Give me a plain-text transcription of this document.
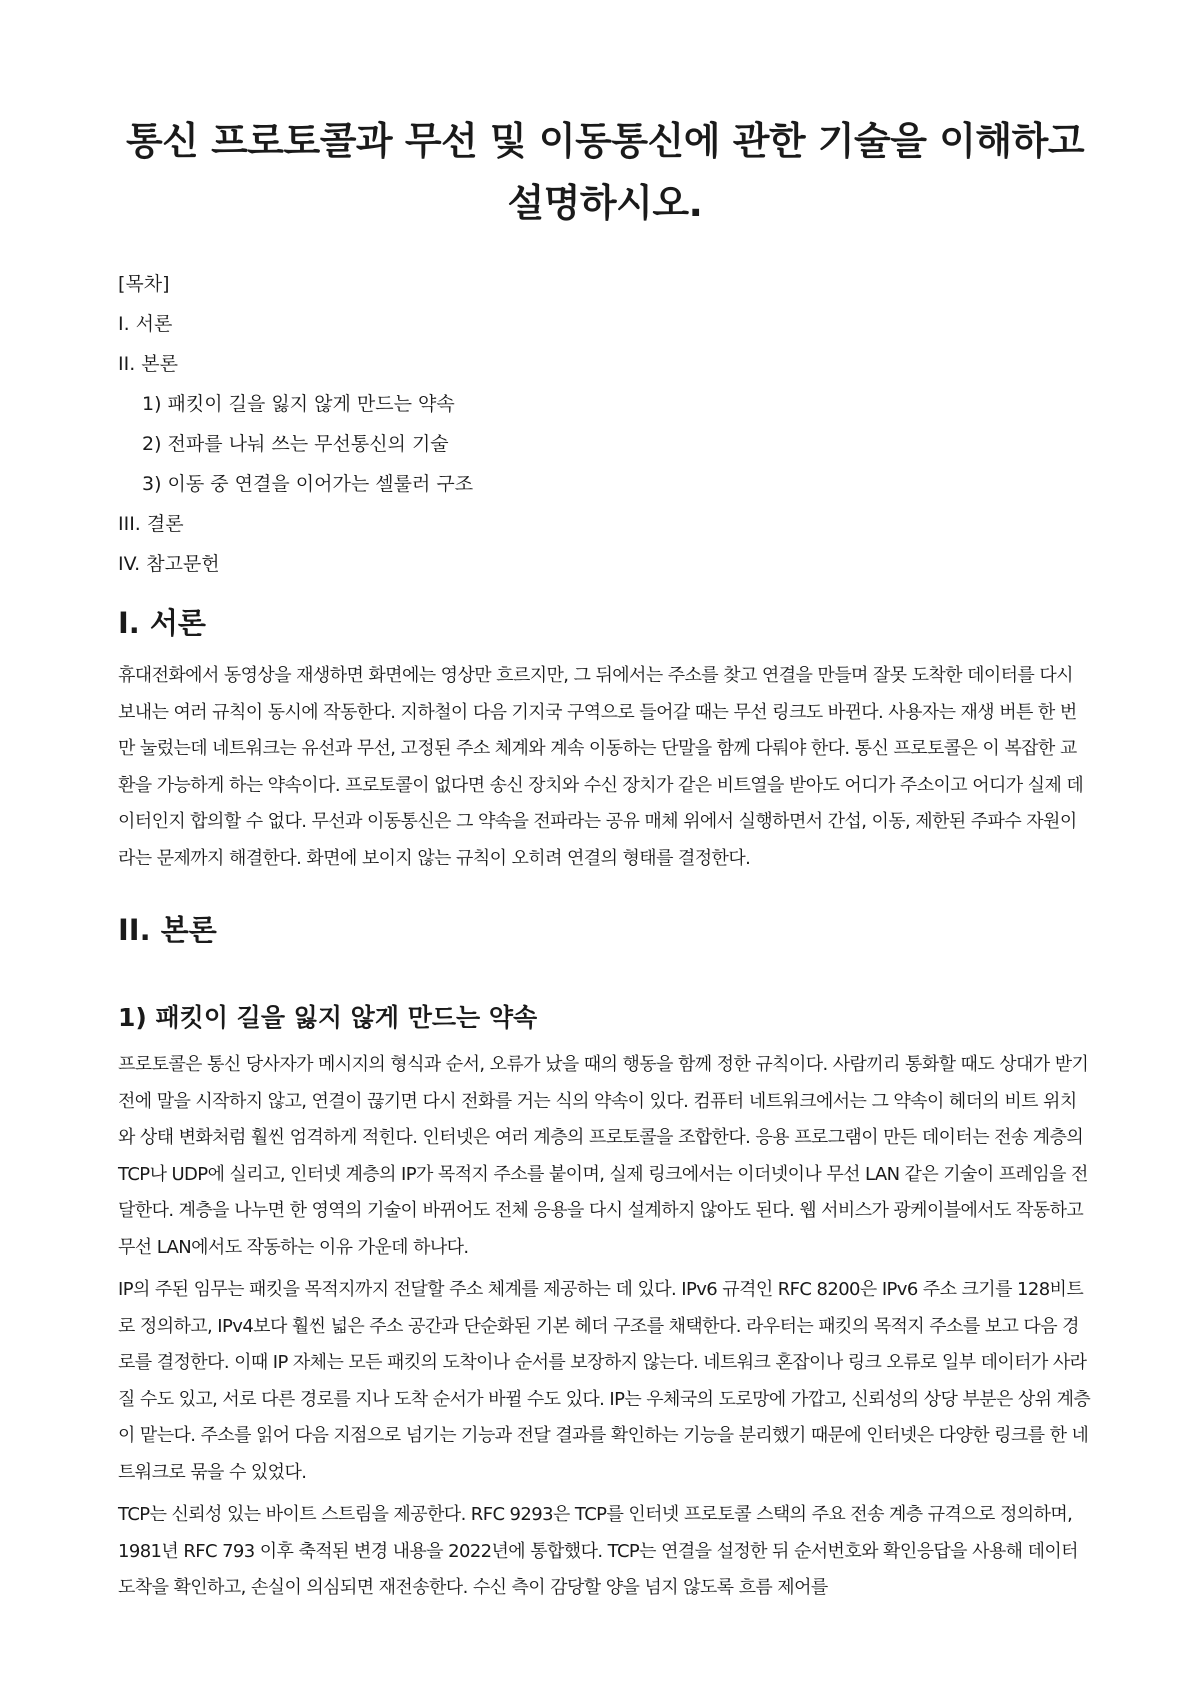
통신 프로토콜과 무선 및 이동통신에 관한 기술을 이해하고 설명하시오.
[목차]
I. 서론
II. 본론
1) 패킷이 길을 잃지 않게 만드는 약속
2) 전파를 나눠 쓰는 무선통신의 기술
3) 이동 중 연결을 이어가는 셀룰러 구조
III. 결론
IV. 참고문헌
I. 서론

휴대전화에서 동영상을 재생하면 화면에는 영상만 흐르지만, 그 뒤에서는 주소를 찾고 연결을 만들며 잘못 도착한 데이터를 다시 보내는 여러 규칙이 동시에 작동한다. 지하철이 다음 기지국 구역으로 들어갈 때는 무선 링크도 바뀐다. 사용자는 재생 버튼 한 번만 눌렀는데 네트워크는 유선과 무선, 고정된 주소 체계와 계속 이동하는 단말을 함께 다뤄야 한다. 통신 프로토콜은 이 복잡한 교환을 가능하게 하는 약속이다. 프로토콜이 없다면 송신 장치와 수신 장치가 같은 비트열을 받아도 어디가 주소이고 어디가 실제 데이터인지 합의할 수 없다. 무선과 이동통신은 그 약속을 전파라는 공유 매체 위에서 실행하면서 간섭, 이동, 제한된 주파수 자원이라는 문제까지 해결한다. 화면에 보이지 않는 규칙이 오히려 연결의 형태를 결정한다.

II. 본론
1) 패킷이 길을 잃지 않게 만드는 약속

프로토콜은 통신 당사자가 메시지의 형식과 순서, 오류가 났을 때의 행동을 함께 정한 규칙이다. 사람끼리 통화할 때도 상대가 받기 전에 말을 시작하지 않고, 연결이 끊기면 다시 전화를 거는 식의 약속이 있다. 컴퓨터 네트워크에서는 그 약속이 헤더의 비트 위치와 상태 변화처럼 훨씬 엄격하게 적힌다. 인터넷은 여러 계층의 프로토콜을 조합한다. 응용 프로그램이 만든 데이터는 전송 계층의 TCP나 UDP에 실리고, 인터넷 계층의 IP가 목적지 주소를 붙이며, 실제 링크에서는 이더넷이나 무선 LAN 같은 기술이 프레임을 전달한다. 계층을 나누면 한 영역의 기술이 바뀌어도 전체 응용을 다시 설계하지 않아도 된다. 웹 서비스가 광케이블에서도 작동하고 무선 LAN에서도 작동하는 이유 가운데 하나다.

IP의 주된 임무는 패킷을 목적지까지 전달할 주소 체계를 제공하는 데 있다. IPv6 규격인 RFC 8200은 IPv6 주소 크기를 128비트로 정의하고, IPv4보다 훨씬 넓은 주소 공간과 단순화된 기본 헤더 구조를 채택한다. 라우터는 패킷의 목적지 주소를 보고 다음 경로를 결정한다. 이때 IP 자체는 모든 패킷의 도착이나 순서를 보장하지 않는다. 네트워크 혼잡이나 링크 오류로 일부 데이터가 사라질 수도 있고, 서로 다른 경로를 지나 도착 순서가 바뀔 수도 있다. IP는 우체국의 도로망에 가깝고, 신뢰성의 상당 부분은 상위 계층이 맡는다. 주소를 읽어 다음 지점으로 넘기는 기능과 전달 결과를 확인하는 기능을 분리했기 때문에 인터넷은 다양한 링크를 한 네트워크로 묶을 수 있었다.

TCP는 신뢰성 있는 바이트 스트림을 제공한다. RFC 9293은 TCP를 인터넷 프로토콜 스택의 주요 전송 계층 규격으로 정의하며, 1981년 RFC 793 이후 축적된 변경 내용을 2022년에 통합했다. TCP는 연결을 설정한 뒤 순서번호와 확인응답을 사용해 데이터 도착을 확인하고, 손실이 의심되면 재전송한다. 수신 측이 감당할 양을 넘지 않도록 흐름 제어를
